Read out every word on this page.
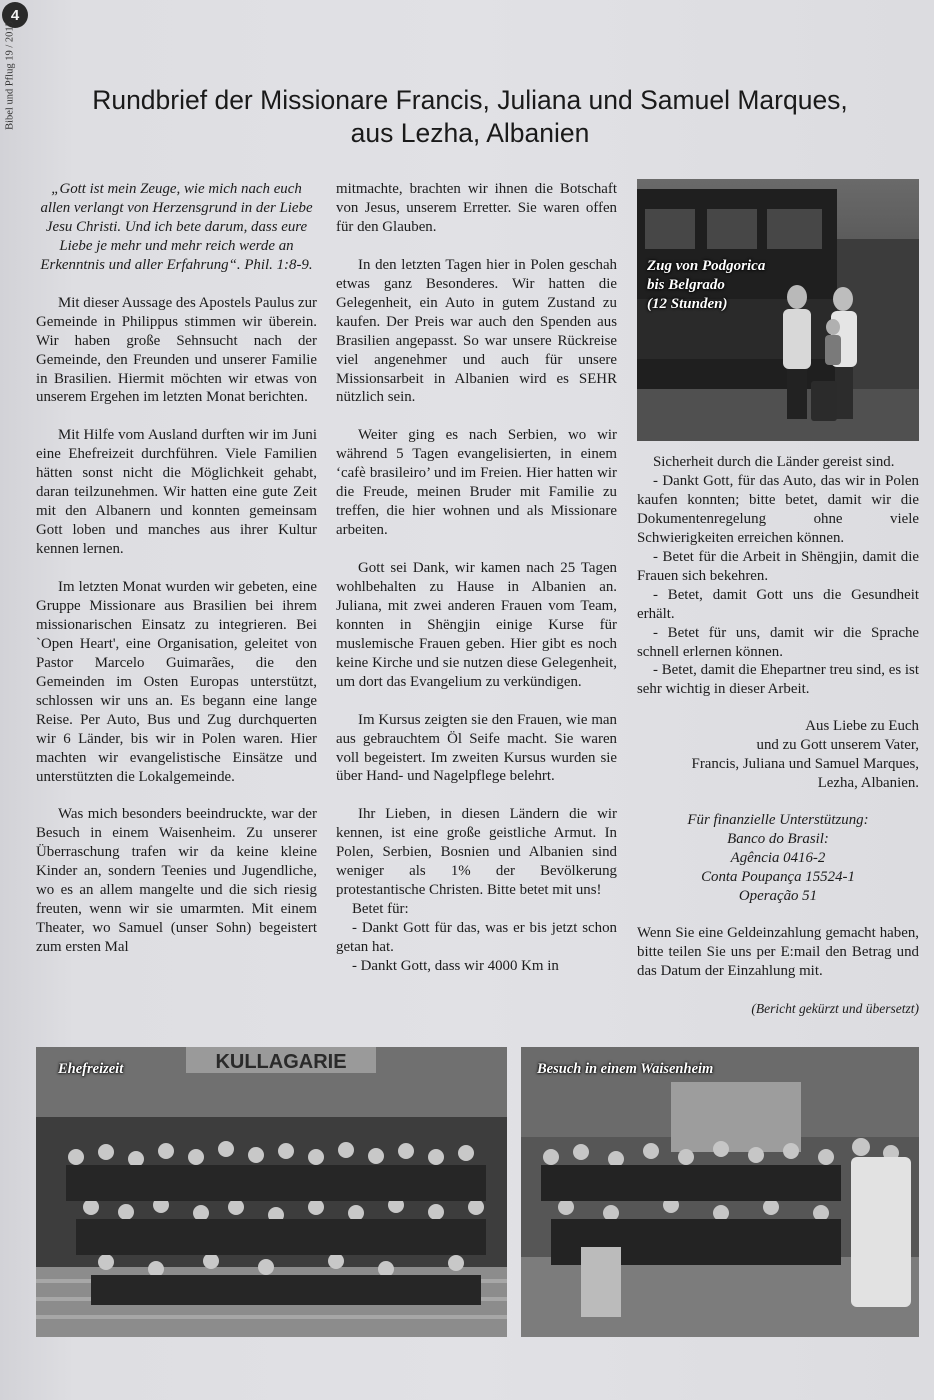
4
Bibel und Pflug 19 / 2015	Rundbrief der Missionare Francis, Juliana und Samuel Marques,
aus Lezha, Albanien

„Gott ist mein Zeuge, wie mich nach euch allen verlangt von Herzensgrund in der Liebe Jesu Christi. Und ich bete darum, dass eure Liebe je mehr und mehr reich werde an Erkenntnis und aller Erfahrung“. Phil. 1:8-9.

Mit dieser Aussage des Apostels Paulus zur Gemeinde in Philippus stimmen wir überein. Wir haben große Sehnsucht nach der Gemeinde, den Freunden und unserer Familie in Brasilien. Hiermit möchten wir etwas von unserem Ergehen im letzten Monat berichten.

Mit Hilfe vom Ausland durften wir im Juni eine Ehefreizeit durchführen. Viele Familien hätten sonst nicht die Möglichkeit gehabt, daran teilzunehmen. Wir hatten eine gute Zeit mit den Albanern und konnten gemeinsam Gott loben und manches aus ihrer Kultur kennen lernen.

Im letzten Monat wurden wir gebeten, eine Gruppe Missionare aus Brasilien bei ihrem missionarischen Einsatz zu integrieren. Bei `Open Heart', eine Organisation, geleitet von Pastor Marcelo Guimarães, die den Gemeinden im Osten Europas unterstützt, schlossen wir uns an. Es begann eine lange Reise. Per Auto, Bus und Zug durchquerten wir 6 Länder, bis wir in Polen waren. Hier machten wir evangelistische Einsätze und unterstützten die Lokalgemeinde.

Was mich besonders beeindruckte, war der Besuch in einem Waisenheim. Zu unserer Überraschung trafen wir da keine kleine Kinder an, sondern Teenies und Jugendliche, wo es an allem mangelte und die sich riesig freuten, wenn wir sie umarmten. Mit einem Theater, wo Samuel (unser Sohn) begeistert zum ersten Mal

mitmachte, brachten wir ihnen die Botschaft von Jesus, unserem Erretter. Sie waren offen für den Glauben.

In den letzten Tagen hier in Polen geschah etwas ganz Besonderes. Wir hatten die Gelegenheit, ein Auto in gutem Zustand zu kaufen. Der Preis war auch den Spenden aus Brasilien angepasst. So war unsere Rückreise viel angenehmer und auch für unsere Missionsarbeit in Albanien wird es SEHR nützlich sein.

Weiter ging es nach Serbien, wo wir während 5 Tagen evangelisierten, in einem ‘cafè brasileiro’ und im Freien. Hier hatten wir die Freude, meinen Bruder mit Familie zu treffen, die hier wohnen und als Missionare arbeiten.

Gott sei Dank, wir kamen nach 25 Tagen wohlbehalten zu Hause in Albanien an. Juliana, mit zwei anderen Frauen vom Team, konnten in Shëngjin einige Kurse für muslemische Frauen geben. Hier gibt es noch keine Kirche und sie nutzen diese Gelegenheit, um dort das Evangelium zu verkündigen.

Im Kursus zeigten sie den Frauen, wie man aus gebrauchtem Öl Seife macht. Sie waren voll begeistert. Im zweiten Kursus wurden sie über Hand- und Nagelpflege belehrt.

Ihr Lieben, in diesen Ländern die wir kennen, ist eine große geistliche Armut. In Polen, Serbien, Bosnien und Albanien sind weniger als 1% der Bevölkerung protestantische Christen. Bitte betet mit uns!

Betet für:

- Dankt Gott für das, was er bis jetzt schon getan hat.

- Dankt Gott, dass wir 4000 Km in

Zug von Podgorica
bis Belgrado
(12 Stunden)

Sicherheit durch die Länder gereist sind.

- Dankt Gott, für das Auto, das wir in Polen kaufen konnten; bitte betet, damit wir die Dokumentenregelung ohne viele Schwierigkeiten erreichen können.

- Betet für die Arbeit in Shëngjin, damit die Frauen sich bekehren.

- Betet, damit Gott uns die Gesundheit erhält.

- Betet für uns, damit wir die Sprache schnell erlernen können.

- Betet, damit die Ehepartner treu sind, es ist sehr wichtig in dieser Arbeit.

Aus Liebe zu Euch

und zu Gott unserem Vater,

Francis, Juliana und Samuel Marques,

Lezha, Albanien.

Für finanzielle Unterstützung:
Banco do Brasil:
Agência 0416-2
Conta Poupança 15524-1
Operação 51

Wenn Sie eine Geldeinzahlung gemacht haben, bitte teilen Sie uns per E:mail den Betrag und das Datum der Einzahlung mit.

(Bericht gekürzt und übersetzt)
KULLAGARIE
Ehefreizeit	Besuch in einem Waisenheim
